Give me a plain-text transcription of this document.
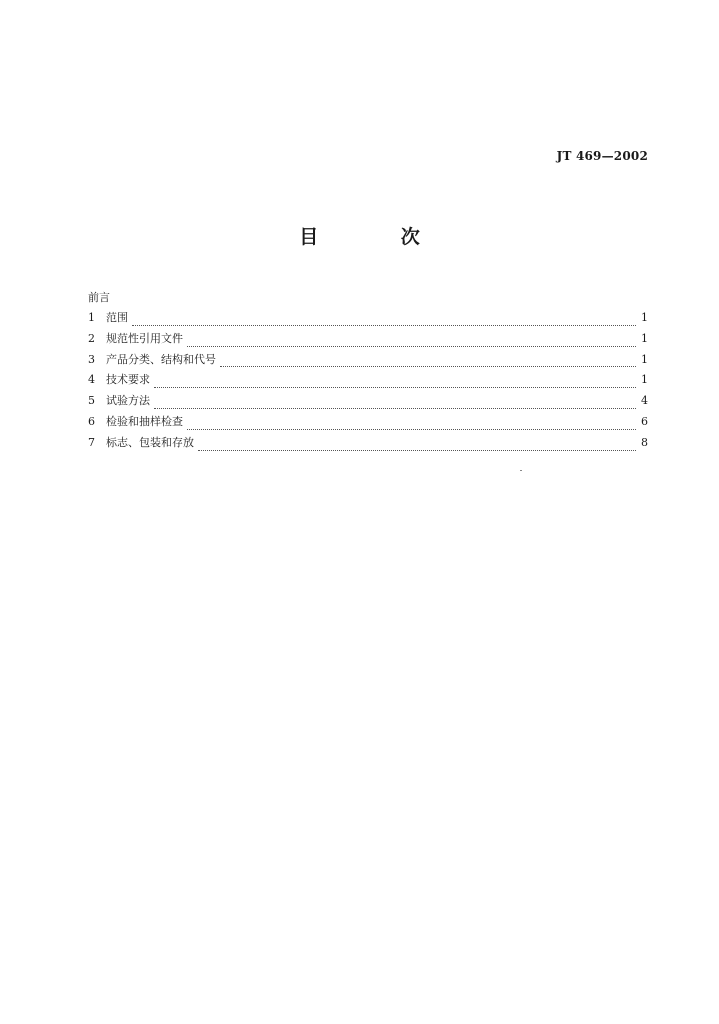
JT 469—2002
目 次
前言
1	范围	1
2	规范性引用文件	1
3	产品分类、结构和代号	1
4	技术要求	1
5	试验方法	4
6	检验和抽样检查	6
7	标志、包装和存放	8
